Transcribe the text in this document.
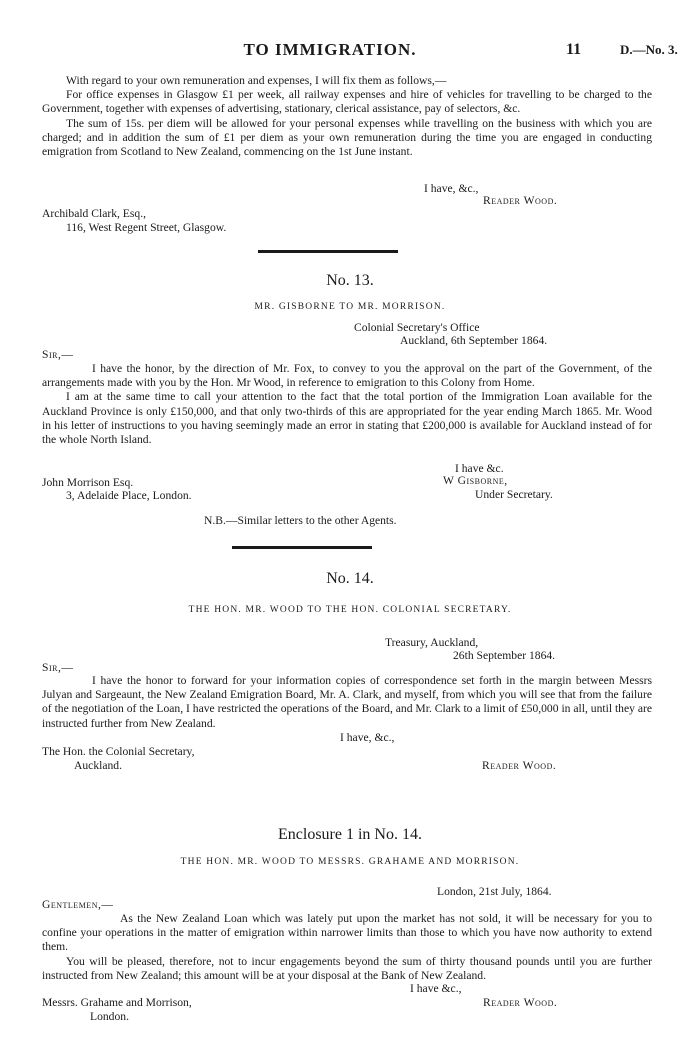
TO IMMIGRATION.	11	D.—No. 3.

With regard to your own remuneration and expenses, I will fix them as follows,—

For office expenses in Glasgow £1 per week, all railway expenses and hire of vehicles for travelling to be charged to the Government, together with expenses of advertising, stationary, clerical assistance, pay of selectors, &c.

The sum of 15s. per diem will be allowed for your personal expenses while travelling on the business with which you are charged; and in addition the sum of £1 per diem as your own remuneration during the time you are engaged in conducting emigration from Scotland to New Zealand, commencing on the 1st June instant.

I have, &c.,
Reader Wood.
Archibald Clark, Esq.,
116, West Regent Street, Glasgow.
No. 13.
MR. GISBORNE TO MR. MORRISON.
Colonial Secretary's Office
Auckland, 6th September 1864.
Sir,—

I have the honor, by the direction of Mr. Fox, to convey to you the approval on the part of the Government, of the arrangements made with you by the Hon. Mr Wood, in reference to emigration to this Colony from Home.

I am at the same time to call your attention to the fact that the total portion of the Immigration Loan available for the Auckland Province is only £150,000, and that only two-thirds of this are appropriated for the year ending March 1865. Mr. Wood in his letter of instructions to you having seemingly made an error in stating that £200,000 is available for Auckland instead of for the whole North Island.

I have &c.
W Gisborne,
John Morrison Esq.
Under Secretary.
3, Adelaide Place, London.
N.B.—Similar letters to the other Agents.
No. 14.
THE HON. MR. WOOD TO THE HON. COLONIAL SECRETARY.
Treasury, Auckland,
26th September 1864.
Sir,—

I have the honor to forward for your information copies of correspondence set forth in the margin between Messrs Julyan and Sargeaunt, the New Zealand Emigration Board, Mr. A. Clark, and myself, from which you will see that from the failure of the negotiation of the Loan, I have restricted the operations of the Board, and Mr. Clark to a limit of £50,000 in all, until they are instructed further from New Zealand.

I have, &c.,
The Hon. the Colonial Secretary,
Auckland.	Reader Wood.
Enclosure 1 in No. 14.
THE HON. MR. WOOD TO MESSRS. GRAHAME AND MORRISON.
London, 21st July, 1864.
Gentlemen,—

As the New Zealand Loan which was lately put upon the market has not sold, it will be necessary for you to confine your operations in the matter of emigration within narrower limits than those to which you have now authority to extend them.

You will be pleased, therefore, not to incur engagements beyond the sum of thirty thousand pounds until you are further instructed from New Zealand; this amount will be at your disposal at the Bank of New Zealand.

I have &c.,
Messrs. Grahame and Morrison,	Reader Wood.
London.
